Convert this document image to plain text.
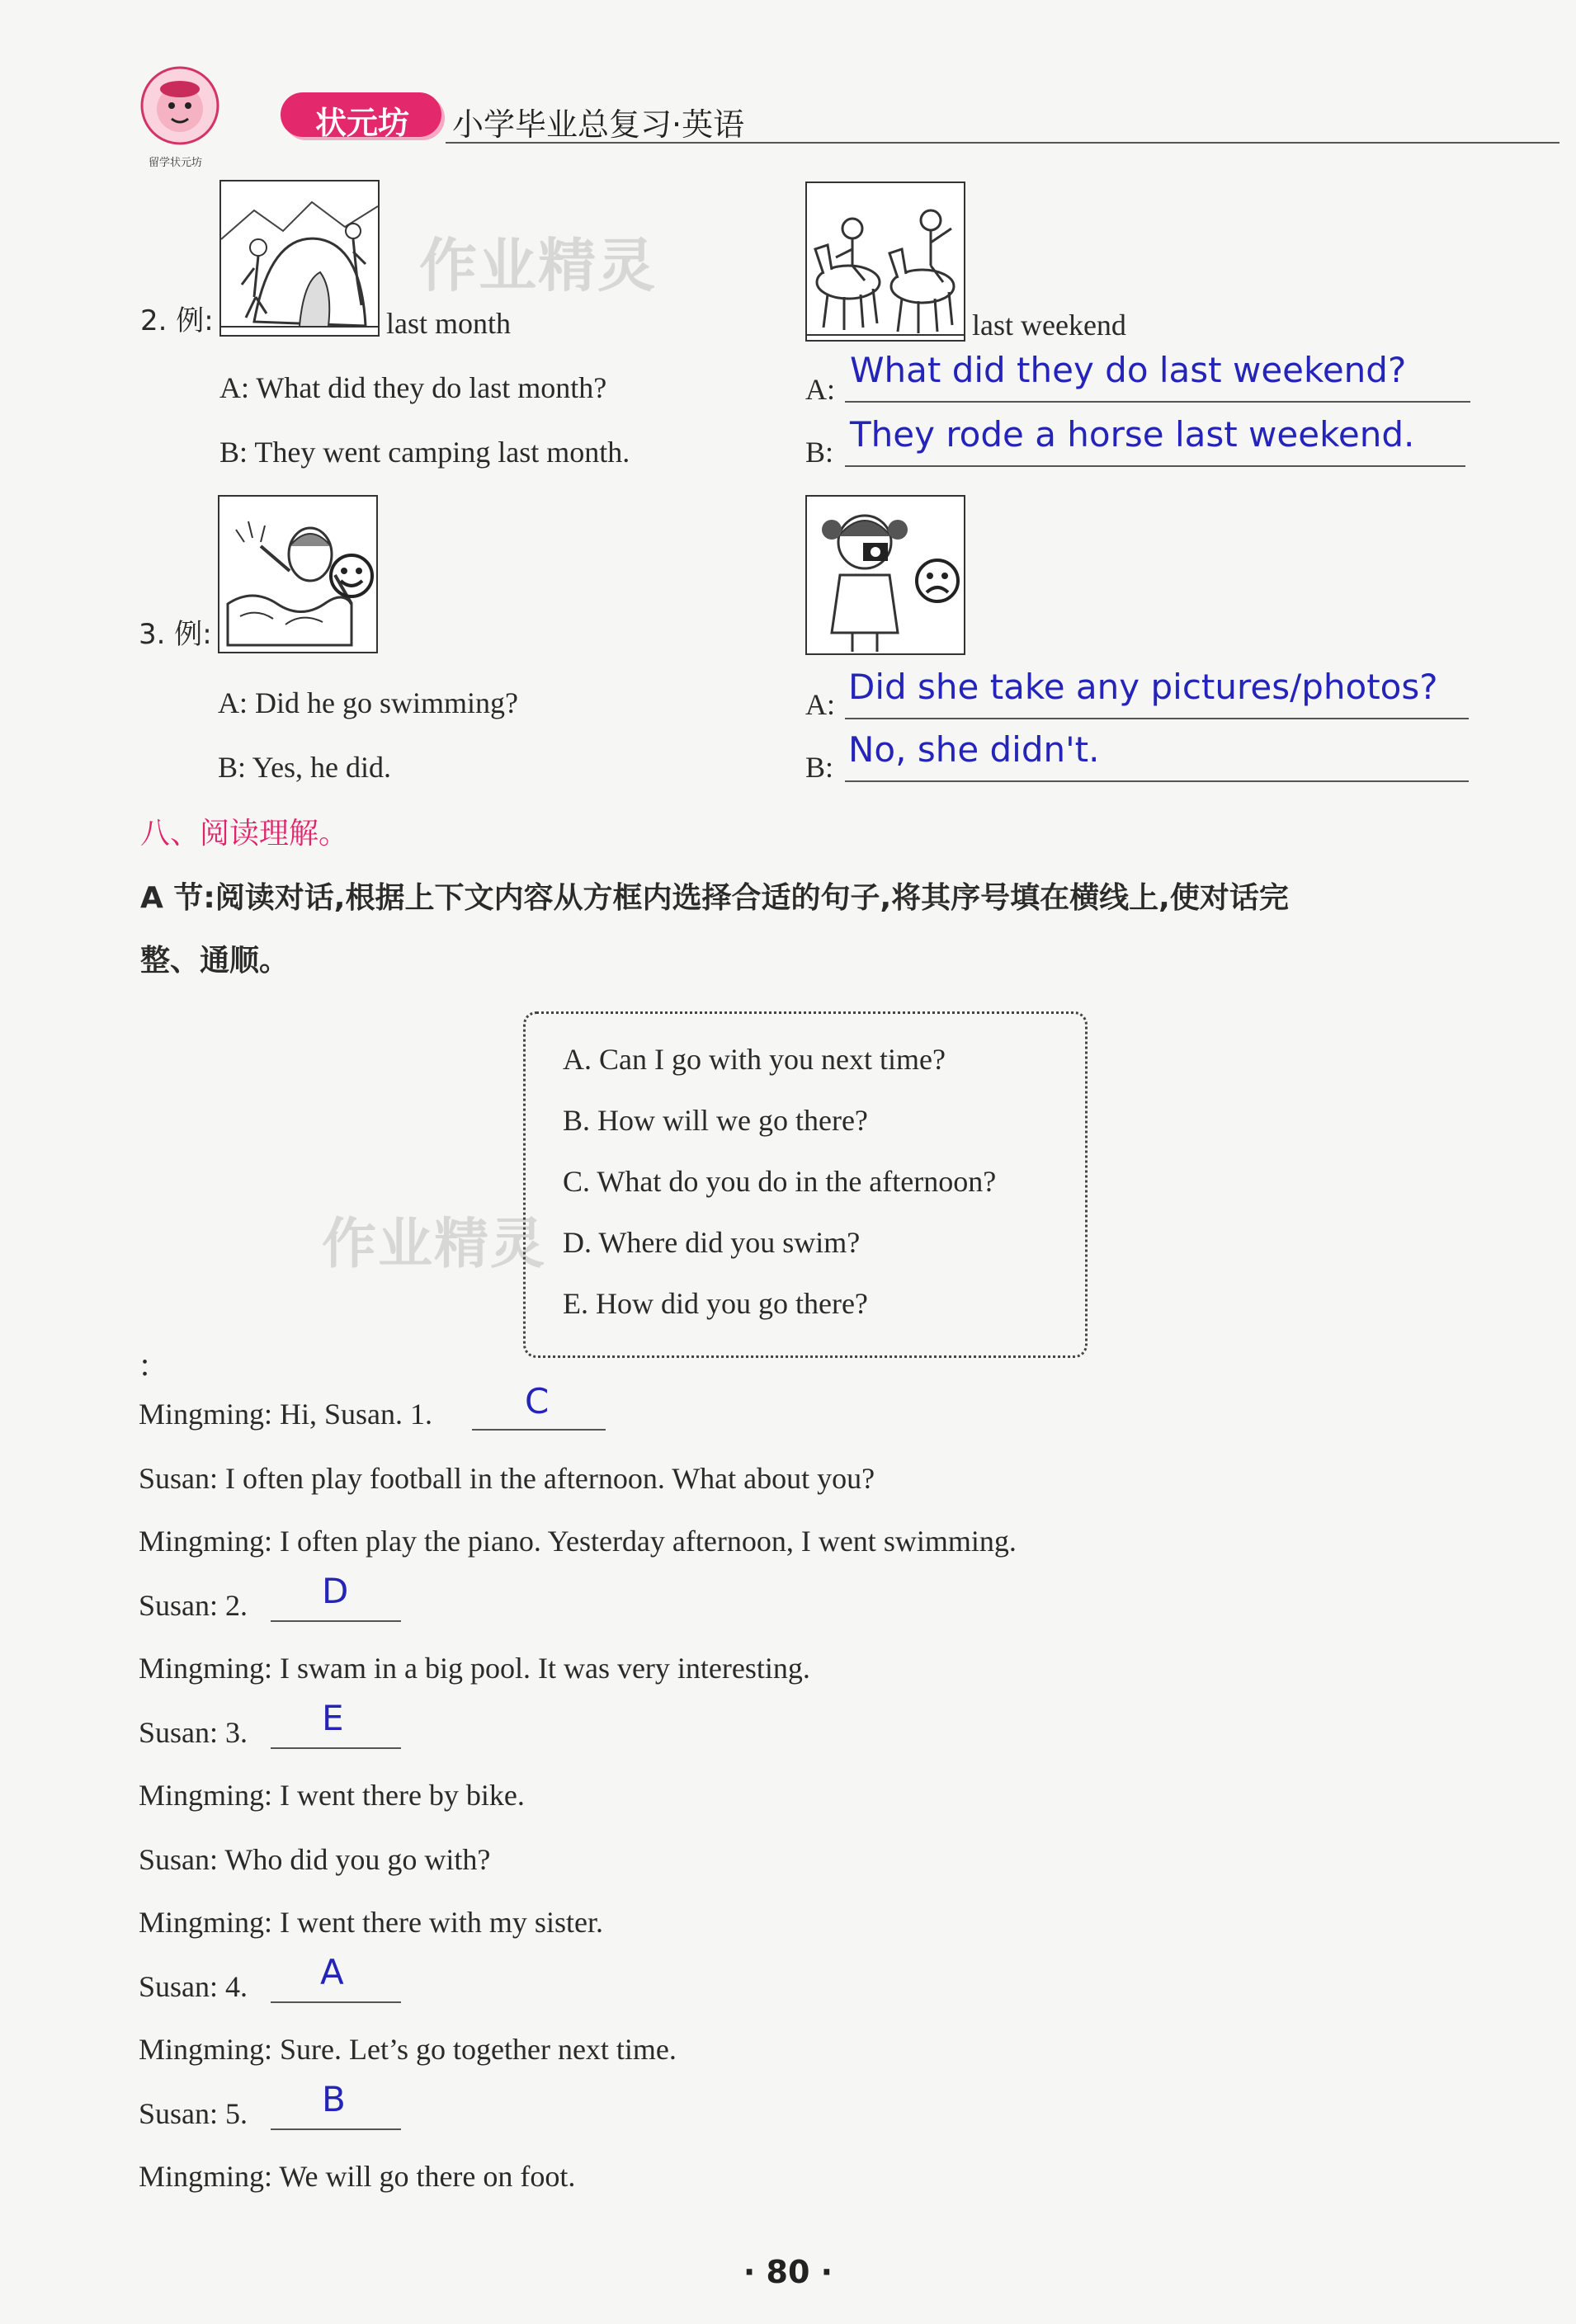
留学状元坊
状元坊 小学毕业总复习·英语
2. 例:	last month
A: What did they do last month?
B: They went camping last month.
last weekend
A: What did they do last weekend?
B: They rode a horse last weekend.
3. 例:
A: Did he go swimming?
B: Yes, he did.
A: Did she take any pictures/photos?
B: No, she didn't.
作业精灵
作业精灵
八、阅读理解。
A 节:阅读对话,根据上下文内容从方框内选择合适的句子,将其序号填在横线上,使对话完
整、通顺。
A. Can I go with you next time?
B. How will we go there?
C. What do you do in the afternoon?
D. Where did you swim?
E. How did you go there?
:
Mingming: Hi, Susan. 1.	C
Susan: I often play football in the afternoon. What about you?
Mingming: I often play the piano. Yesterday afternoon, I went swimming.
Susan: 2. D
Mingming: I swam in a big pool. It was very interesting.
Susan: 3. E
Mingming: I went there by bike.
Susan: Who did you go with?
Mingming: I went there with my sister.
Susan: 4. A
Mingming: Sure. Let’s go together next time.
Susan: 5. B
Mingming: We will go there on foot.
· 80 ·
